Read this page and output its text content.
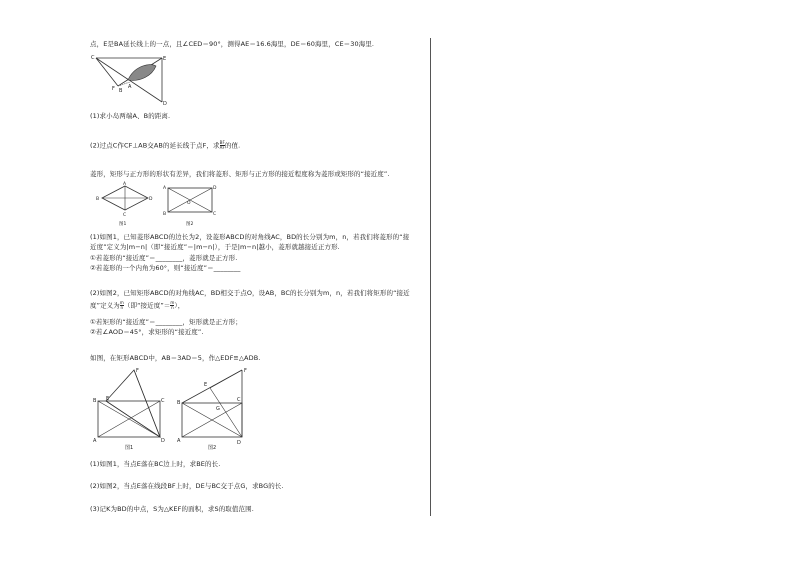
点，E是BA延长线上的一点，且∠CED＝90°，测得AE＝16.6海里，DE＝60海里，CE＝30海里.
C	E
A
B
F
D
(1)求小岛两端A、B的距离.
(2)过点C作CF⊥AB交AB的延长线于点F，求 $\frac{BF}{AF}$ 的值.
菱形，矩形与正方形的形状有差异，我们将菱形、矩形与正方形的接近程度称为菱形或矩形的“接近度”.
A
B	D
C
图1
A	D
B	C
O
图2
(1)如图1，已知菱形ABCD的边长为2，设菱形ABCD的对角线AC，BD的长分别为m，n，若我们将菱形的“接
近度”定义为|m−n|（即“接近度”＝|m−n|），于是|m−n|越小，菱形就越接近正方形.
①若菱形的“接近度”＝________，菱形就是正方形.
②若菱形的一个内角为60°，则“接近度”＝________
(2)如图2，已知矩形ABCD的对角线AC，BD相交于点O，设AB，BC的长分别为m，n，若我们将矩形的“接近
度”定义为 $\frac{m}{n}$ （即“接近度”＝ $\frac{m}{n}$ ），
①若矩形的“接近度”＝________，矩形就是正方形；
②若∠AOD＝45°，求矩形的“接近度”.
如图，在矩形ABCD中，AB＝3AD＝5，作△EDF≌△ADB.
F
B E	C
A	D
图1
F
E
B
G
C
A	D
图2
(1)如图1，当点E落在BC边上时，求BE的长.
(2)如图2，当点E落在线段BF上时，DE与BC交于点G，求BG的长.
(3)记K为BD的中点，S为△KEF的面积，求S的取值范围.
